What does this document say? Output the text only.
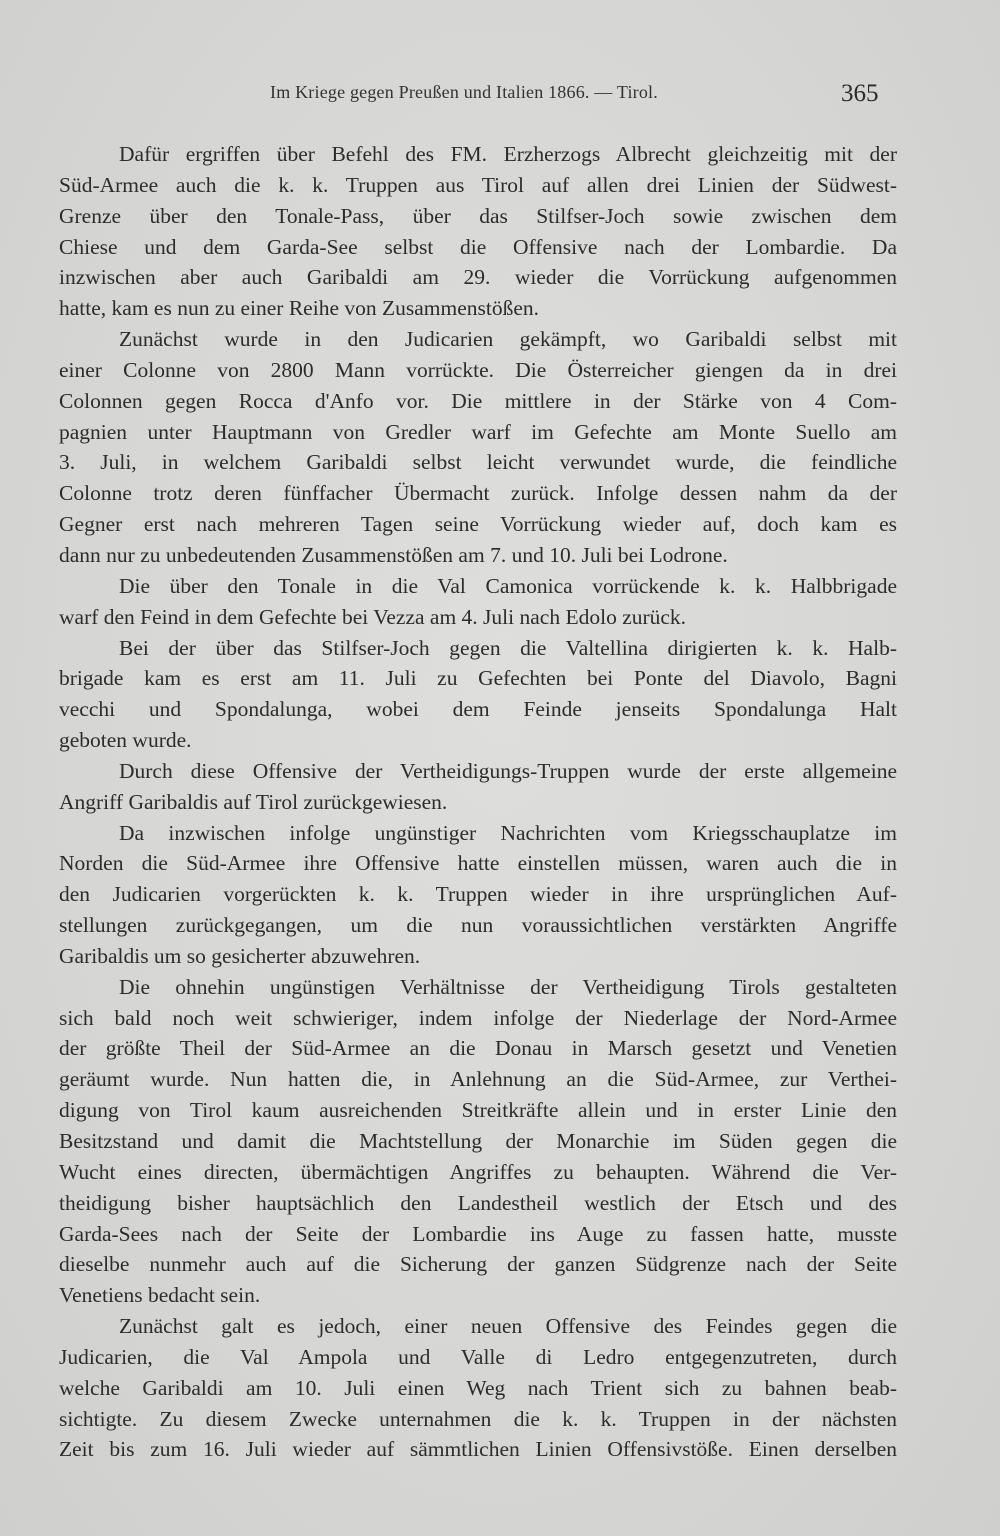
Im Kriege gegen Preußen und Italien 1866. — Tirol.	365
Dafür ergriffen über Befehl des FM. Erzherzogs Albrecht gleichzeitig mit der
Süd-Armee auch die k. k. Truppen aus Tirol auf allen drei Linien der Südwest-
Grenze über den Tonale-Pass, über das Stilfser-Joch sowie zwischen dem
Chiese und dem Garda-See selbst die Offensive nach der Lombardie. Da
inzwischen aber auch Garibaldi am 29. wieder die Vorrückung aufgenommen
hatte, kam es nun zu einer Reihe von Zusammenstößen.
Zunächst wurde in den Judicarien gekämpft, wo Garibaldi selbst mit
einer Colonne von 2800 Mann vorrückte. Die Österreicher giengen da in drei
Colonnen gegen Rocca d'Anfo vor. Die mittlere in der Stärke von 4 Com-
pagnien unter Hauptmann von Gredler warf im Gefechte am Monte Suello am
3. Juli, in welchem Garibaldi selbst leicht verwundet wurde, die feindliche
Colonne trotz deren fünffacher Übermacht zurück. Infolge dessen nahm da der
Gegner erst nach mehreren Tagen seine Vorrückung wieder auf, doch kam es
dann nur zu unbedeutenden Zusammenstößen am 7. und 10. Juli bei Lodrone.
Die über den Tonale in die Val Camonica vorrückende k. k. Halbbrigade
warf den Feind in dem Gefechte bei Vezza am 4. Juli nach Edolo zurück.
Bei der über das Stilfser-Joch gegen die Valtellina dirigierten k. k. Halb-
brigade kam es erst am 11. Juli zu Gefechten bei Ponte del Diavolo, Bagni
vecchi und Spondalunga, wobei dem Feinde jenseits Spondalunga Halt
geboten wurde.
Durch diese Offensive der Vertheidigungs-Truppen wurde der erste allgemeine
Angriff Garibaldis auf Tirol zurückgewiesen.
Da inzwischen infolge ungünstiger Nachrichten vom Kriegsschauplatze im
Norden die Süd-Armee ihre Offensive hatte einstellen müssen, waren auch die in
den Judicarien vorgerückten k. k. Truppen wieder in ihre ursprünglichen Auf-
stellungen zurückgegangen, um die nun voraussichtlichen verstärkten Angriffe
Garibaldis um so gesicherter abzuwehren.
Die ohnehin ungünstigen Verhältnisse der Vertheidigung Tirols gestalteten
sich bald noch weit schwieriger, indem infolge der Niederlage der Nord-Armee
der größte Theil der Süd-Armee an die Donau in Marsch gesetzt und Venetien
geräumt wurde. Nun hatten die, in Anlehnung an die Süd-Armee, zur Verthei-
digung von Tirol kaum ausreichenden Streitkräfte allein und in erster Linie den
Besitzstand und damit die Machtstellung der Monarchie im Süden gegen die
Wucht eines directen, übermächtigen Angriffes zu behaupten. Während die Ver-
theidigung bisher hauptsächlich den Landestheil westlich der Etsch und des
Garda-Sees nach der Seite der Lombardie ins Auge zu fassen hatte, musste
dieselbe nunmehr auch auf die Sicherung der ganzen Südgrenze nach der Seite
Venetiens bedacht sein.
Zunächst galt es jedoch, einer neuen Offensive des Feindes gegen die
Judicarien, die Val Ampola und Valle di Ledro entgegenzutreten, durch
welche Garibaldi am 10. Juli einen Weg nach Trient sich zu bahnen beab-
sichtigte. Zu diesem Zwecke unternahmen die k. k. Truppen in der nächsten
Zeit bis zum 16. Juli wieder auf sämmtlichen Linien Offensivstöße. Einen derselben
